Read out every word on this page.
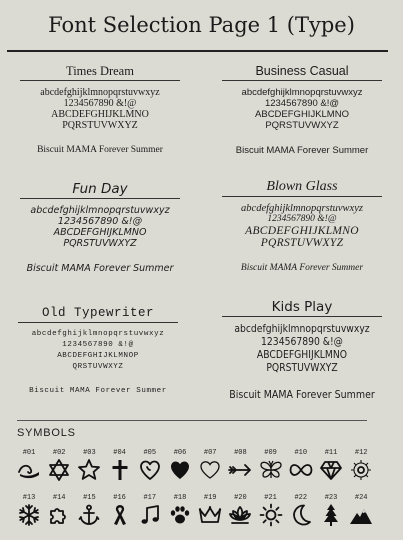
Font Selection Page 1 (Type)
Times Dream
abcdefghijklmnopqrstuvwxyz
1234567890 &!@
ABCDEFGHIJKLMNO
PQRSTUVWXYZ
Biscuit MAMA Forever Summer
Business Casual
abcdefghijklmnopqrstuvwxyz
1234567890 &!@
ABCDEFGHIJKLMNO
PQRSTUVWXYZ
Biscuit MAMA Forever Summer
Fun Day
abcdefghijklmnopqrstuvwxyz
1234567890 &!@
ABCDEFGHIJKLMNO
PQRSTUVWXYZ
Biscuit MAMA Forever Summer
Blown Glass
abcdefghijklmnopqrstuvwxyz
1234567890 &!@
ABCDEFGHIJKLMNO
PQRSTUVWXYZ
Biscuit MAMA Forever Summer
Old Typewriter
abcdefghijklmnopqrstuvwxyz
1234567890 &!@
ABCDEFGHIJKLMNOP
QRSTUVWXYZ
Biscuit MAMA Forever Summer
Kids Play
abcdefghijklmnopqrstuvwxyz
1234567890 &!@
ABCDEFGHIJKLMNO
PQRSTUVWXYZ
Biscuit MAMA Forever Summer
SYMBOLS
#01	#02	#03	#04	#05	#06	#07	#08	#09	#10	#11	#12
#13	#14	#15	#16	#17	#18	#19	#20	#21	#22	#23	#24
